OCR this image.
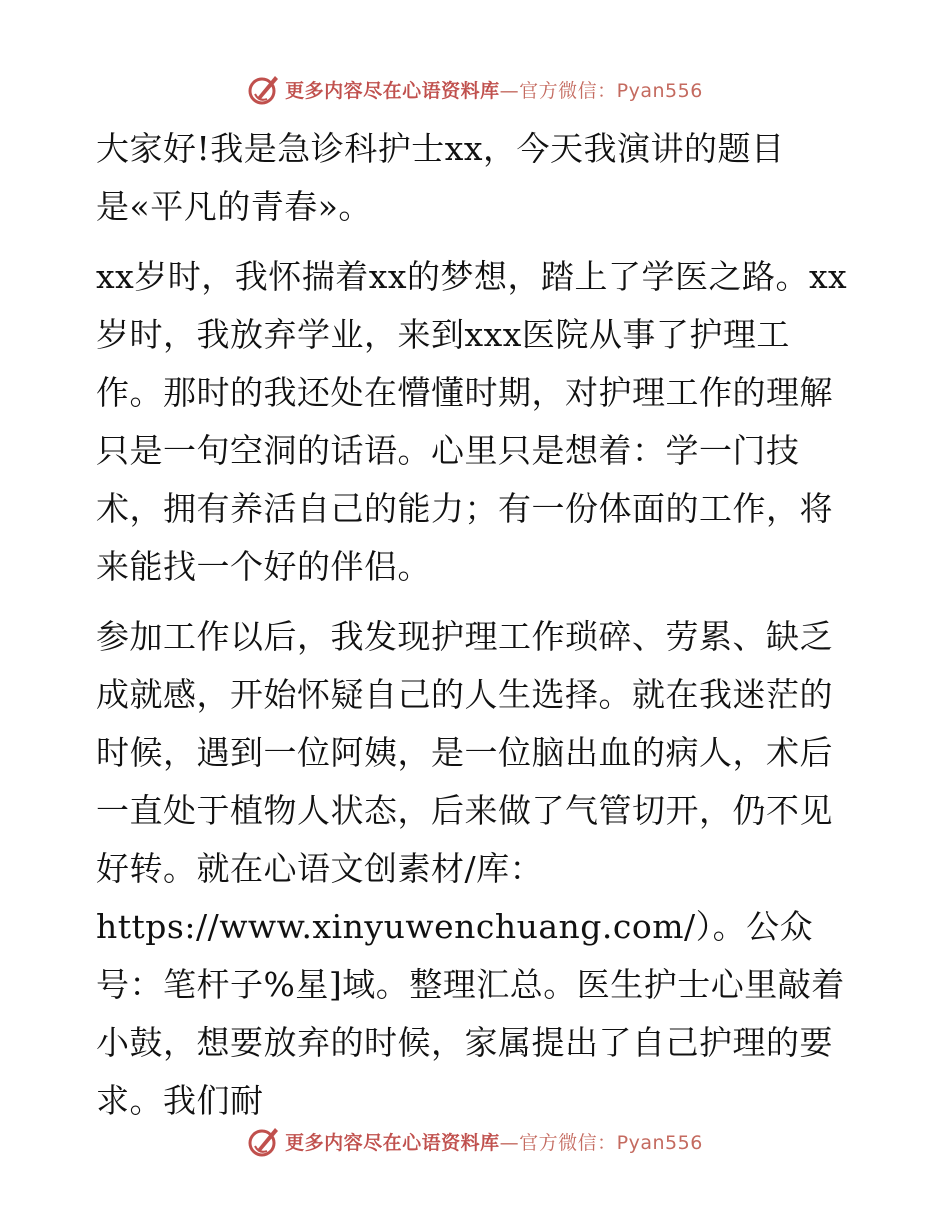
更多内容尽在心语资料库 —官方微信：Pyan556

大家好!我是急诊科护士xx，今天我演讲的题目是«平凡的青春»。

xx岁时，我怀揣着xx的梦想，踏上了学医之路。xx岁时，我放弃学业，来到xxx医院从事了护理工作。那时的我还处在懵懂时期，对护理工作的理解只是一句空洞的话语。心里只是想着：学一门技术，拥有养活自己的能力；有一份体面的工作，将来能找一个好的伴侣。

参加工作以后，我发现护理工作琐碎、劳累、缺乏成就感，开始怀疑自己的人生选择。就在我迷茫的时候，遇到一位阿姨，是一位脑出血的病人，术后一直处于植物人状态，后来做了气管切开，仍不见好转。就在心语文创素材/库：https://www.xinyuwenchuang.com/）。公众号：笔杆子%星]域。整理汇总。医生护士心里敲着小鼓，想要放弃的时候，家属提出了自己护理的要求。我们耐

更多内容尽在心语资料库 —官方微信：Pyan556
